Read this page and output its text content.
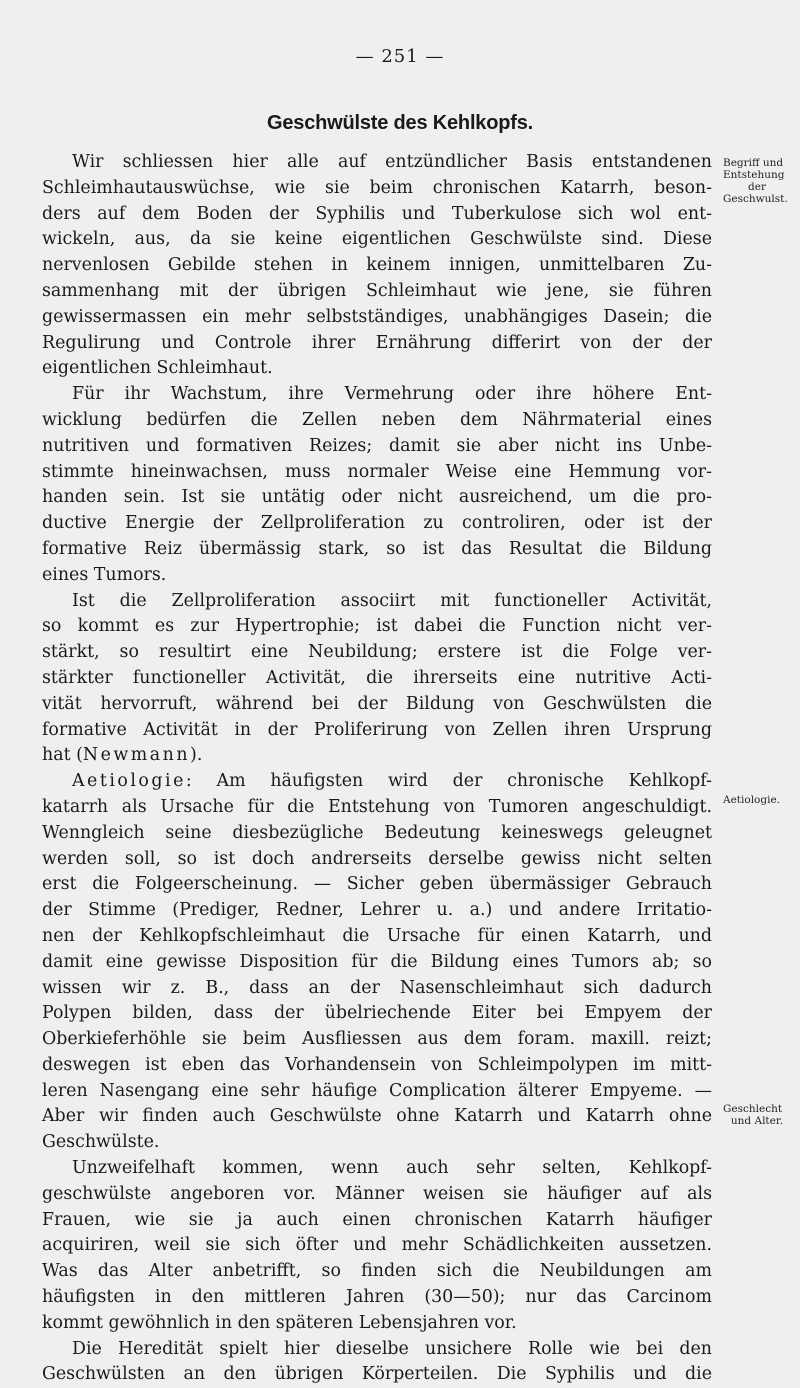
— 251 —
Geschwülste des Kehlkopfs.
Begriff und
Entstehung

der
Geschwulst.
Aetiologie.
Geschlecht

und Alter.
Wir schliessen hier alle auf entzündlicher Basis entstandenen
Schleimhautauswüchse, wie sie beim chronischen Katarrh, beson-
ders auf dem Boden der Syphilis und Tuberkulose sich wol ent-
wickeln, aus, da sie keine eigentlichen Geschwülste sind. Diese
nervenlosen Gebilde stehen in keinem innigen, unmittelbaren Zu-
sammenhang mit der übrigen Schleimhaut wie jene, sie führen
gewissermassen ein mehr selbstständiges, unabhängiges Dasein; die
Regulirung und Controle ihrer Ernährung differirt von der der
eigentlichen Schleimhaut.
Für ihr Wachstum, ihre Vermehrung oder ihre höhere Ent-
wicklung bedürfen die Zellen neben dem Nährmaterial eines
nutritiven und formativen Reizes; damit sie aber nicht ins Unbe-
stimmte hineinwachsen, muss normaler Weise eine Hemmung vor-
handen sein. Ist sie untätig oder nicht ausreichend, um die pro-
ductive Energie der Zellproliferation zu controliren, oder ist der
formative Reiz übermässig stark, so ist das Resultat die Bildung
eines Tumors.
Ist die Zellproliferation associirt mit functioneller Activität,
so kommt es zur Hypertrophie; ist dabei die Function nicht ver-
stärkt, so resultirt eine Neubildung; erstere ist die Folge ver-
stärkter functioneller Activität, die ihrerseits eine nutritive Acti-
vität hervorruft, während bei der Bildung von Geschwülsten die
formative Activität in der Proliferirung von Zellen ihren Ursprung
hat (Newmann).
Aetiologie : Am häufigsten wird der chronische Kehlkopf-
katarrh als Ursache für die Entstehung von Tumoren angeschuldigt.
Wenngleich seine diesbezügliche Bedeutung keineswegs geleugnet
werden soll, so ist doch andrerseits derselbe gewiss nicht selten
erst die Folgeerscheinung. — Sicher geben übermässiger Gebrauch
der Stimme (Prediger, Redner, Lehrer u. a.) und andere Irritatio-
nen der Kehlkopfschleimhaut die Ursache für einen Katarrh, und
damit eine gewisse Disposition für die Bildung eines Tumors ab; so
wissen wir z. B., dass an der Nasenschleimhaut sich dadurch
Polypen bilden, dass der übelriechende Eiter bei Empyem der
Oberkieferhöhle sie beim Ausfliessen aus dem foram. maxill. reizt;
deswegen ist eben das Vorhandensein von Schleimpolypen im mitt-
leren Nasengang eine sehr häufige Complication älterer Empyeme. —
Aber wir finden auch Geschwülste ohne Katarrh und Katarrh ohne
Geschwülste.
Unzweifelhaft kommen, wenn auch sehr selten, Kehlkopf-
geschwülste angeboren vor. Männer weisen sie häufiger auf als
Frauen, wie sie ja auch einen chronischen Katarrh häufiger
acquiriren, weil sie sich öfter und mehr Schädlichkeiten aussetzen.
Was das Alter anbetrifft, so finden sich die Neubildungen am
häufigsten in den mittleren Jahren (30—50); nur das Carcinom
kommt gewöhnlich in den späteren Lebensjahren vor.
Die Heredität spielt hier dieselbe unsichere Rolle wie bei den
Geschwülsten an den übrigen Körperteilen. Die Syphilis und die
